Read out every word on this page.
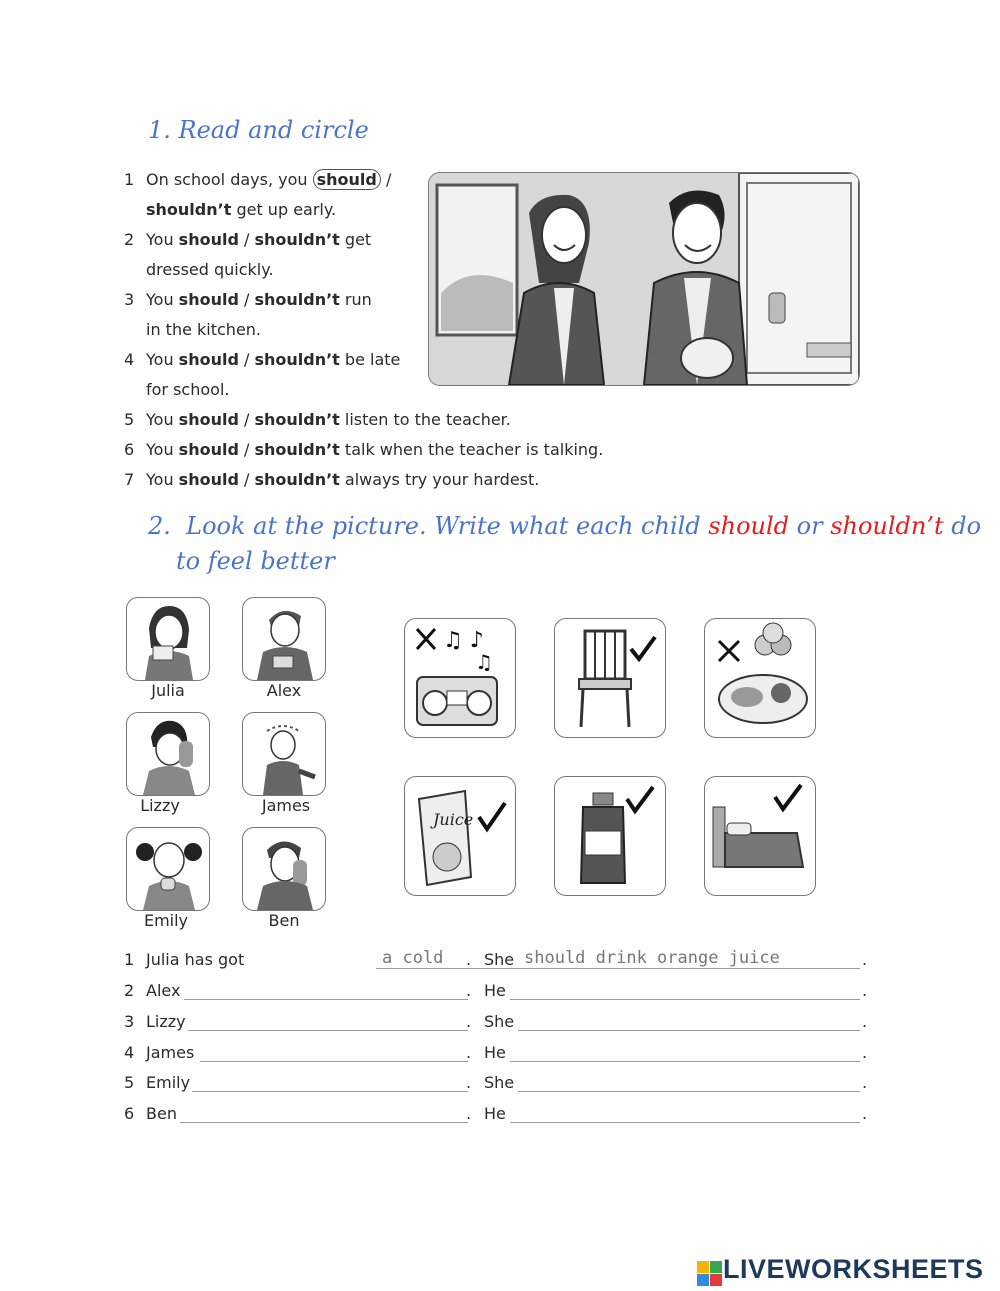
1. Read and circle
1 On school days, you should /
shouldn’t get up early.
2 You should / shouldn’t get
dressed quickly.
3 You should / shouldn’t run
in the kitchen.
4 You should / shouldn’t be late
for school.
5 You should / shouldn’t listen to the teacher.
6 You should / shouldn’t talk when the teacher is talking.
7 You should / shouldn’t always try your hardest.
2. Look at the picture. Write what each child should or shouldn’t do
to feel better
Julia	Alex
Lizzy	James
Emily	Ben
♫ ♪
♫
Juice
1 Julia has got	a cold . She should drink orange juice	.
2 Alex	. He	.
3 Lizzy	. She	.
4 James	. He	.
5 Emily	. She	.
6 Ben	. He	.
LIVEWORKSHEETS
